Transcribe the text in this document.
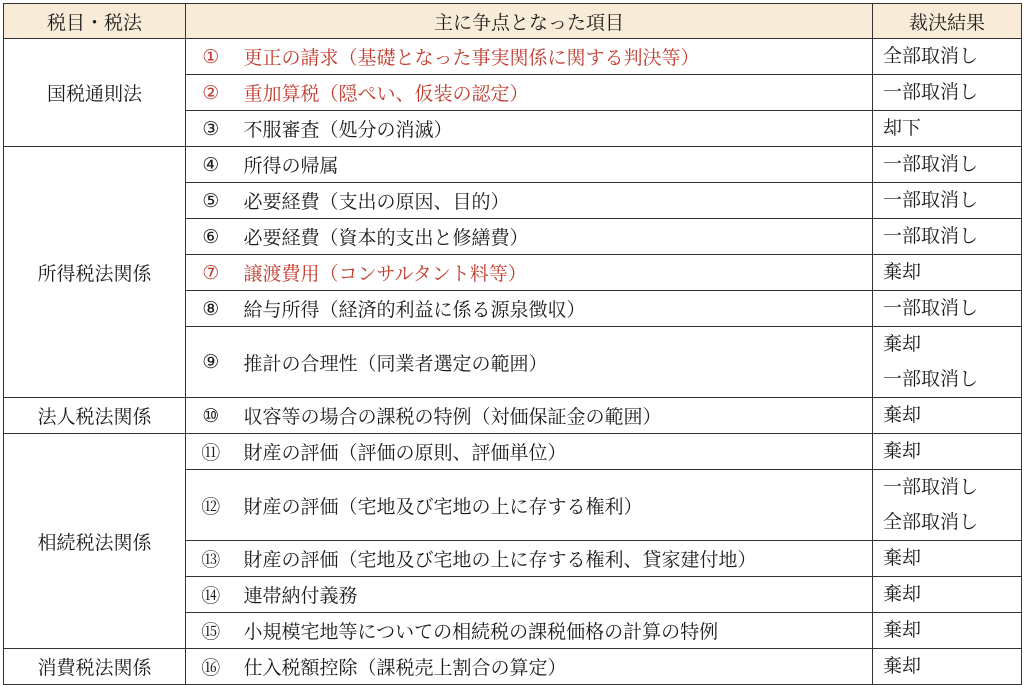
税目・税法	主に争点となった項目		裁決結果
国税通則法	①	更正の請求（基礎となった事実関係に関する判決等）	全部取消し

	②	重加算税（隠ぺい、仮装の認定）	一部取消し

	③	不服審査（処分の消滅）	却下

所得税法関係	④	所得の帰属	一部取消し

	⑤	必要経費（支出の原因、目的）	一部取消し

	⑥	必要経費（資本的支出と修繕費）	一部取消し

	⑦	譲渡費用（コンサルタント料等）	棄却

	⑧	給与所得（経済的利益に係る源泉徴収）	一部取消し

	⑨	推計の合理性（同業者選定の範囲）	棄却
一部取消し

法人税法関係	⑩	収容等の場合の課税の特例（対価保証金の範囲）	棄却

相続税法関係	⑪	財産の評価（評価の原則、評価単位）	棄却

	⑫	財産の評価（宅地及び宅地の上に存する権利）	一部取消し
全部取消し

	⑬	財産の評価（宅地及び宅地の上に存する権利、貸家建付地）	棄却

	⑭	連帯納付義務	棄却

	⑮	小規模宅地等についての相続税の課税価格の計算の特例	棄却

消費税法関係	⑯	仕入税額控除（課税売上割合の算定）	棄却
